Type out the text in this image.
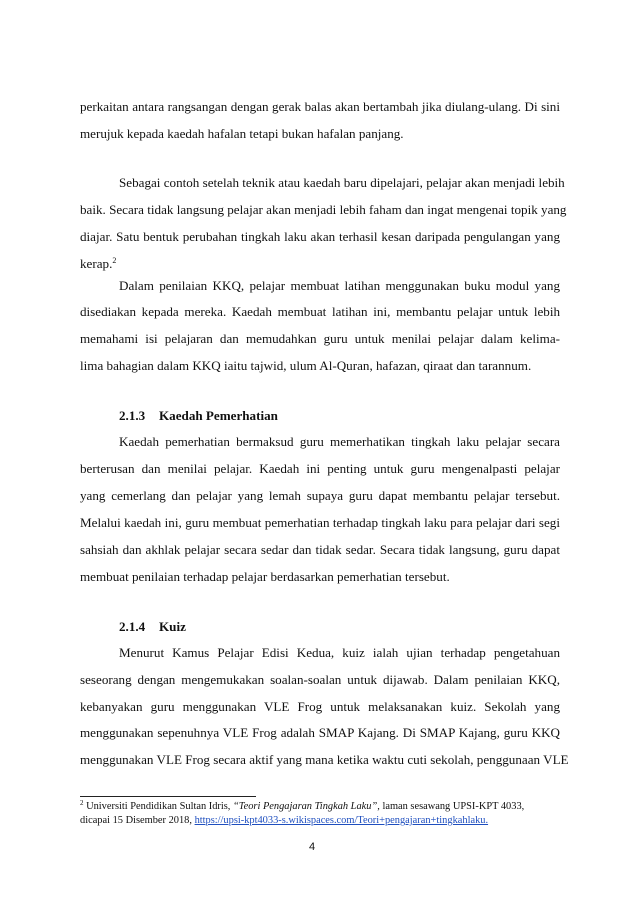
perkaitan antara rangsangan dengan gerak balas akan bertambah jika diulang-ulang. Di sini
merujuk kepada kaedah hafalan tetapi bukan hafalan panjang.
Sebagai contoh setelah teknik atau kaedah baru dipelajari, pelajar akan menjadi lebih
baik. Secara tidak langsung pelajar akan menjadi lebih faham dan ingat mengenai topik yang
diajar. Satu bentuk perubahan tingkah laku akan terhasil kesan daripada pengulangan yang
kerap.$^2$
Dalam penilaian KKQ, pelajar membuat latihan menggunakan buku modul yang
disediakan kepada mereka. Kaedah membuat latihan ini, membantu pelajar untuk lebih
memahami isi pelajaran dan memudahkan guru untuk menilai pelajar dalam kelima-
lima bahagian dalam KKQ iaitu tajwid, ulum Al-Quran, hafazan, qiraat dan tarannum.
2.1.3 Kaedah Pemerhatian
Kaedah pemerhatian bermaksud guru memerhatikan tingkah laku pelajar secara
berterusan dan menilai pelajar. Kaedah ini penting untuk guru mengenalpasti pelajar
yang cemerlang dan pelajar yang lemah supaya guru dapat membantu pelajar tersebut.
Melalui kaedah ini, guru membuat pemerhatian terhadap tingkah laku para pelajar dari segi
sahsiah dan akhlak pelajar secara sedar dan tidak sedar. Secara tidak langsung, guru dapat
membuat penilaian terhadap pelajar berdasarkan pemerhatian tersebut.
2.1.4 Kuiz
Menurut Kamus Pelajar Edisi Kedua, kuiz ialah ujian terhadap pengetahuan
seseorang dengan mengemukakan soalan-soalan untuk dijawab. Dalam penilaian KKQ,
kebanyakan guru menggunakan VLE Frog untuk melaksanakan kuiz. Sekolah yang
menggunakan sepenuhnya VLE Frog adalah SMAP Kajang. Di SMAP Kajang, guru KKQ
menggunakan VLE Frog secara aktif yang mana ketika waktu cuti sekolah, penggunaan VLE
$^2$ Universiti Pendidikan Sultan Idris, “Teori Pengajaran Tingkah Laku”, laman sesawang UPSI-KPT 4033,
dicapai 15 Disember 2018, https://upsi-kpt4033-s.wikispaces.com/Teori+pengajaran+tingkahlaku.
4
